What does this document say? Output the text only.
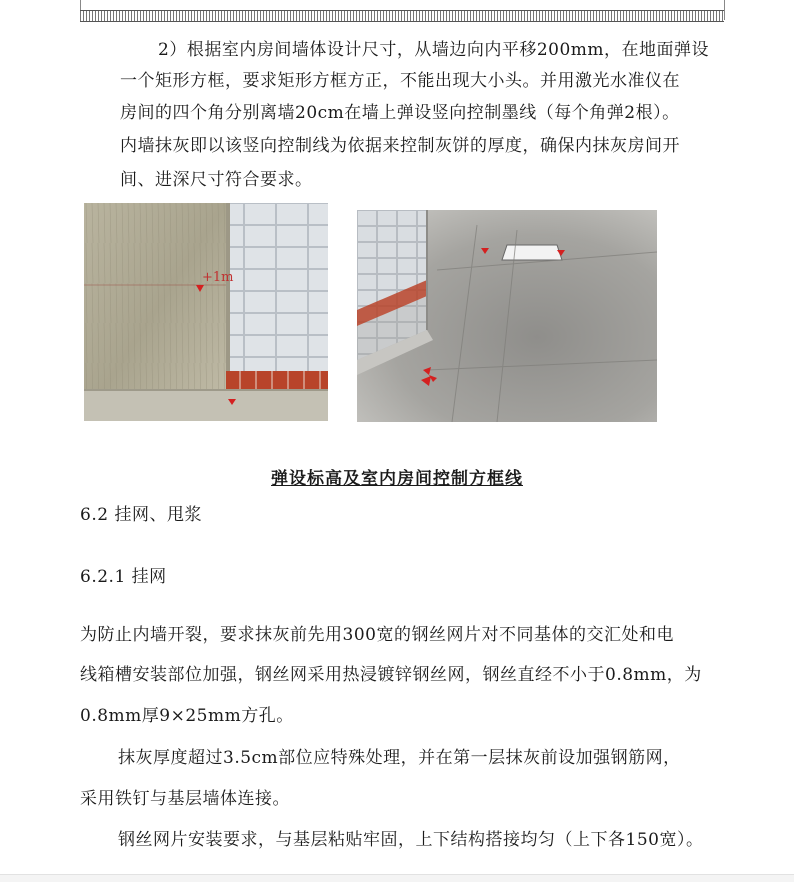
2）根据室内房间墙体设计尺寸，从墙边向内平移200mm，在地面弹设
一个矩形方框，要求矩形方框方正，不能出现大小头。并用激光水准仪在
房间的四个角分别离墙20cm在墙上弹设竖向控制墨线（每个角弹2根）。
内墙抹灰即以该竖向控制线为依据来控制灰饼的厚度，确保内抹灰房间开
间、进深尺寸符合要求。
+1m
弹设标高及室内房间控制方框线
6.2 挂网、甩浆
6.2.1 挂网
为防止内墙开裂，要求抹灰前先用300宽的钢丝网片对不同基体的交汇处和电
线箱槽安装部位加强，钢丝网采用热浸镀锌钢丝网，钢丝直经不小于0.8mm，为
0.8mm厚9×25mm方孔。
抹灰厚度超过3.5cm部位应特殊处理，并在第一层抹灰前设加强钢筋网，
采用铁钉与基层墙体连接。
钢丝网片安装要求，与基层粘贴牢固，上下结构搭接均匀（上下各150宽）。
